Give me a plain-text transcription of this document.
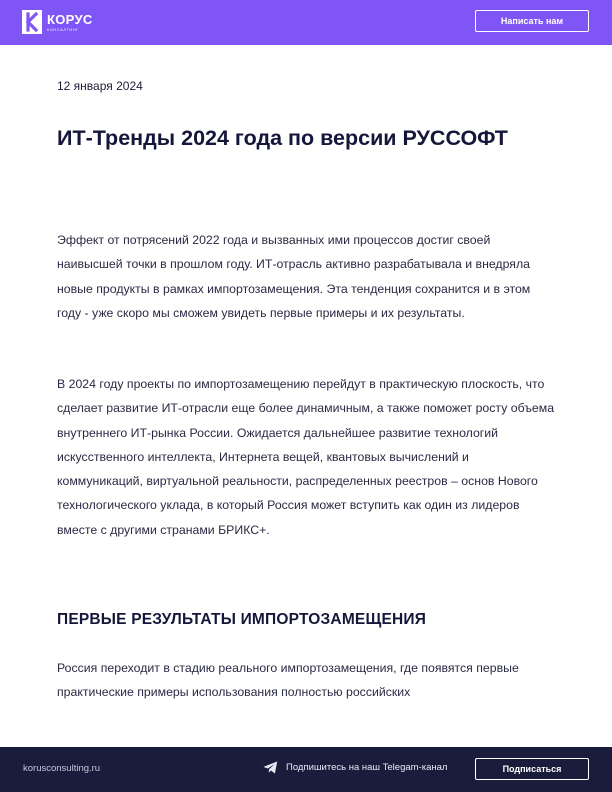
КОРУС
КОНСАЛТИНГ
Написать нам
12 января 2024
ИТ-Тренды 2024 года по версии РУССОФТ

Эффект от потрясений 2022 года и вызванных ими процессов достиг своей наивысшей точки в прошлом году. ИТ-отрасль активно разрабатывала и внедряла новые продукты в рамках импортозамещения. Эта тенденция сохранится и в этом году - уже скоро мы сможем увидеть первые примеры и их результаты.

В 2024 году проекты по импортозамещению перейдут в практическую плоскость, что сделает развитие ИТ-отрасли еще более динамичным, а также поможет росту объема внутреннего ИТ-рынка России. Ожидается дальнейшее развитие технологий искусственного интеллекта, Интернета вещей, квантовых вычислений и коммуникаций, виртуальной реальности, распределенных реестров – основ Нового технологического уклада, в который Россия может вступить как один из лидеров вместе с другими странами БРИКС+.

ПЕРВЫЕ РЕЗУЛЬТАТЫ ИМПОРТОЗАМЕЩЕНИЯ

Россия переходит в стадию реального импортозамещения, где появятся первые практические примеры использования полностью российских

korusconsulting.ru	Подпишитесь на наш Telegam-канал	Подписаться
